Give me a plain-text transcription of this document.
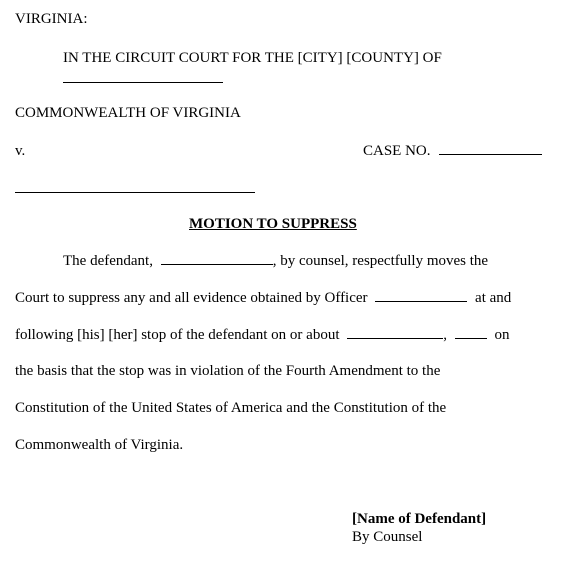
VIRGINIA:
IN THE CIRCUIT COURT FOR THE [CITY] [COUNTY] OF
COMMONWEALTH OF VIRGINIA
v.	CASE NO.
MOTION TO SUPPRESS
The defendant,	, by counsel, respectfully moves the
Court to suppress any and all evidence obtained by Officer	at and
following [his] [her] stop of the defendant on or about	,	on
the basis that the stop was in violation of the Fourth Amendment to the
Constitution of the United States of America and the Constitution of the
Commonwealth of Virginia.
[Name of Defendant]
By Counsel
